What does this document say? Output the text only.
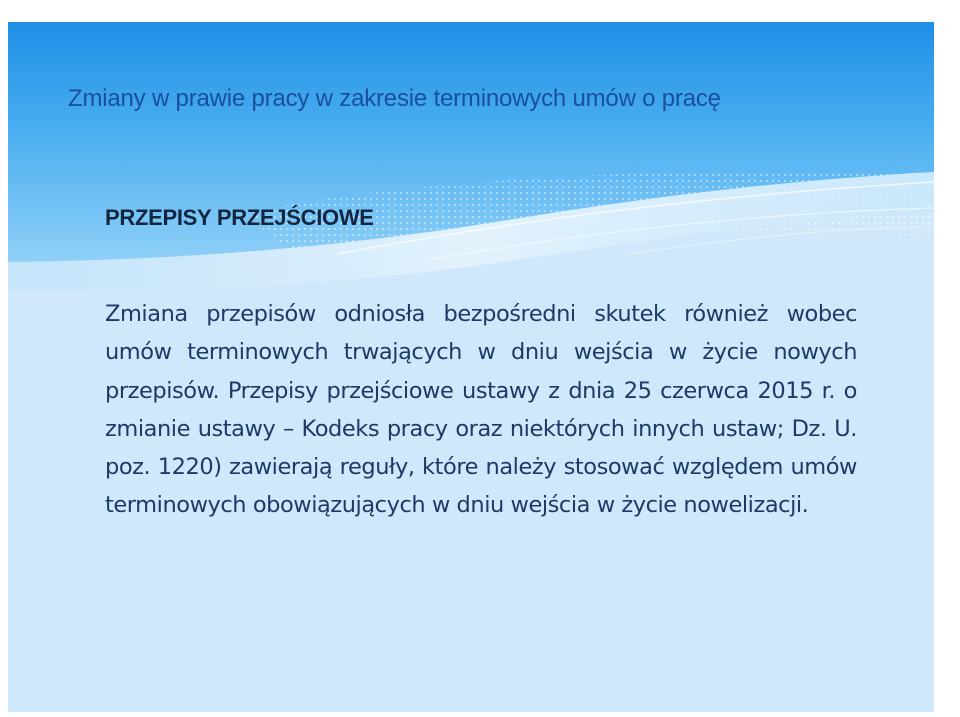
Zmiany w prawie pracy w zakresie terminowych umów o pracę
PRZEPISY PRZEJŚCIOWE

Zmiana przepisów odniosła bezpośredni skutek również wobec umów terminowych trwających w dniu wejścia w życie nowych przepisów. Przepisy przejściowe ustawy z dnia 25 czerwca 2015 r. o zmianie ustawy – Kodeks pracy oraz niektórych innych ustaw; Dz. U. poz. 1220) zawierają reguły, które należy stosować względem umów terminowych obowiązujących w dniu wejścia w życie nowelizacji.
